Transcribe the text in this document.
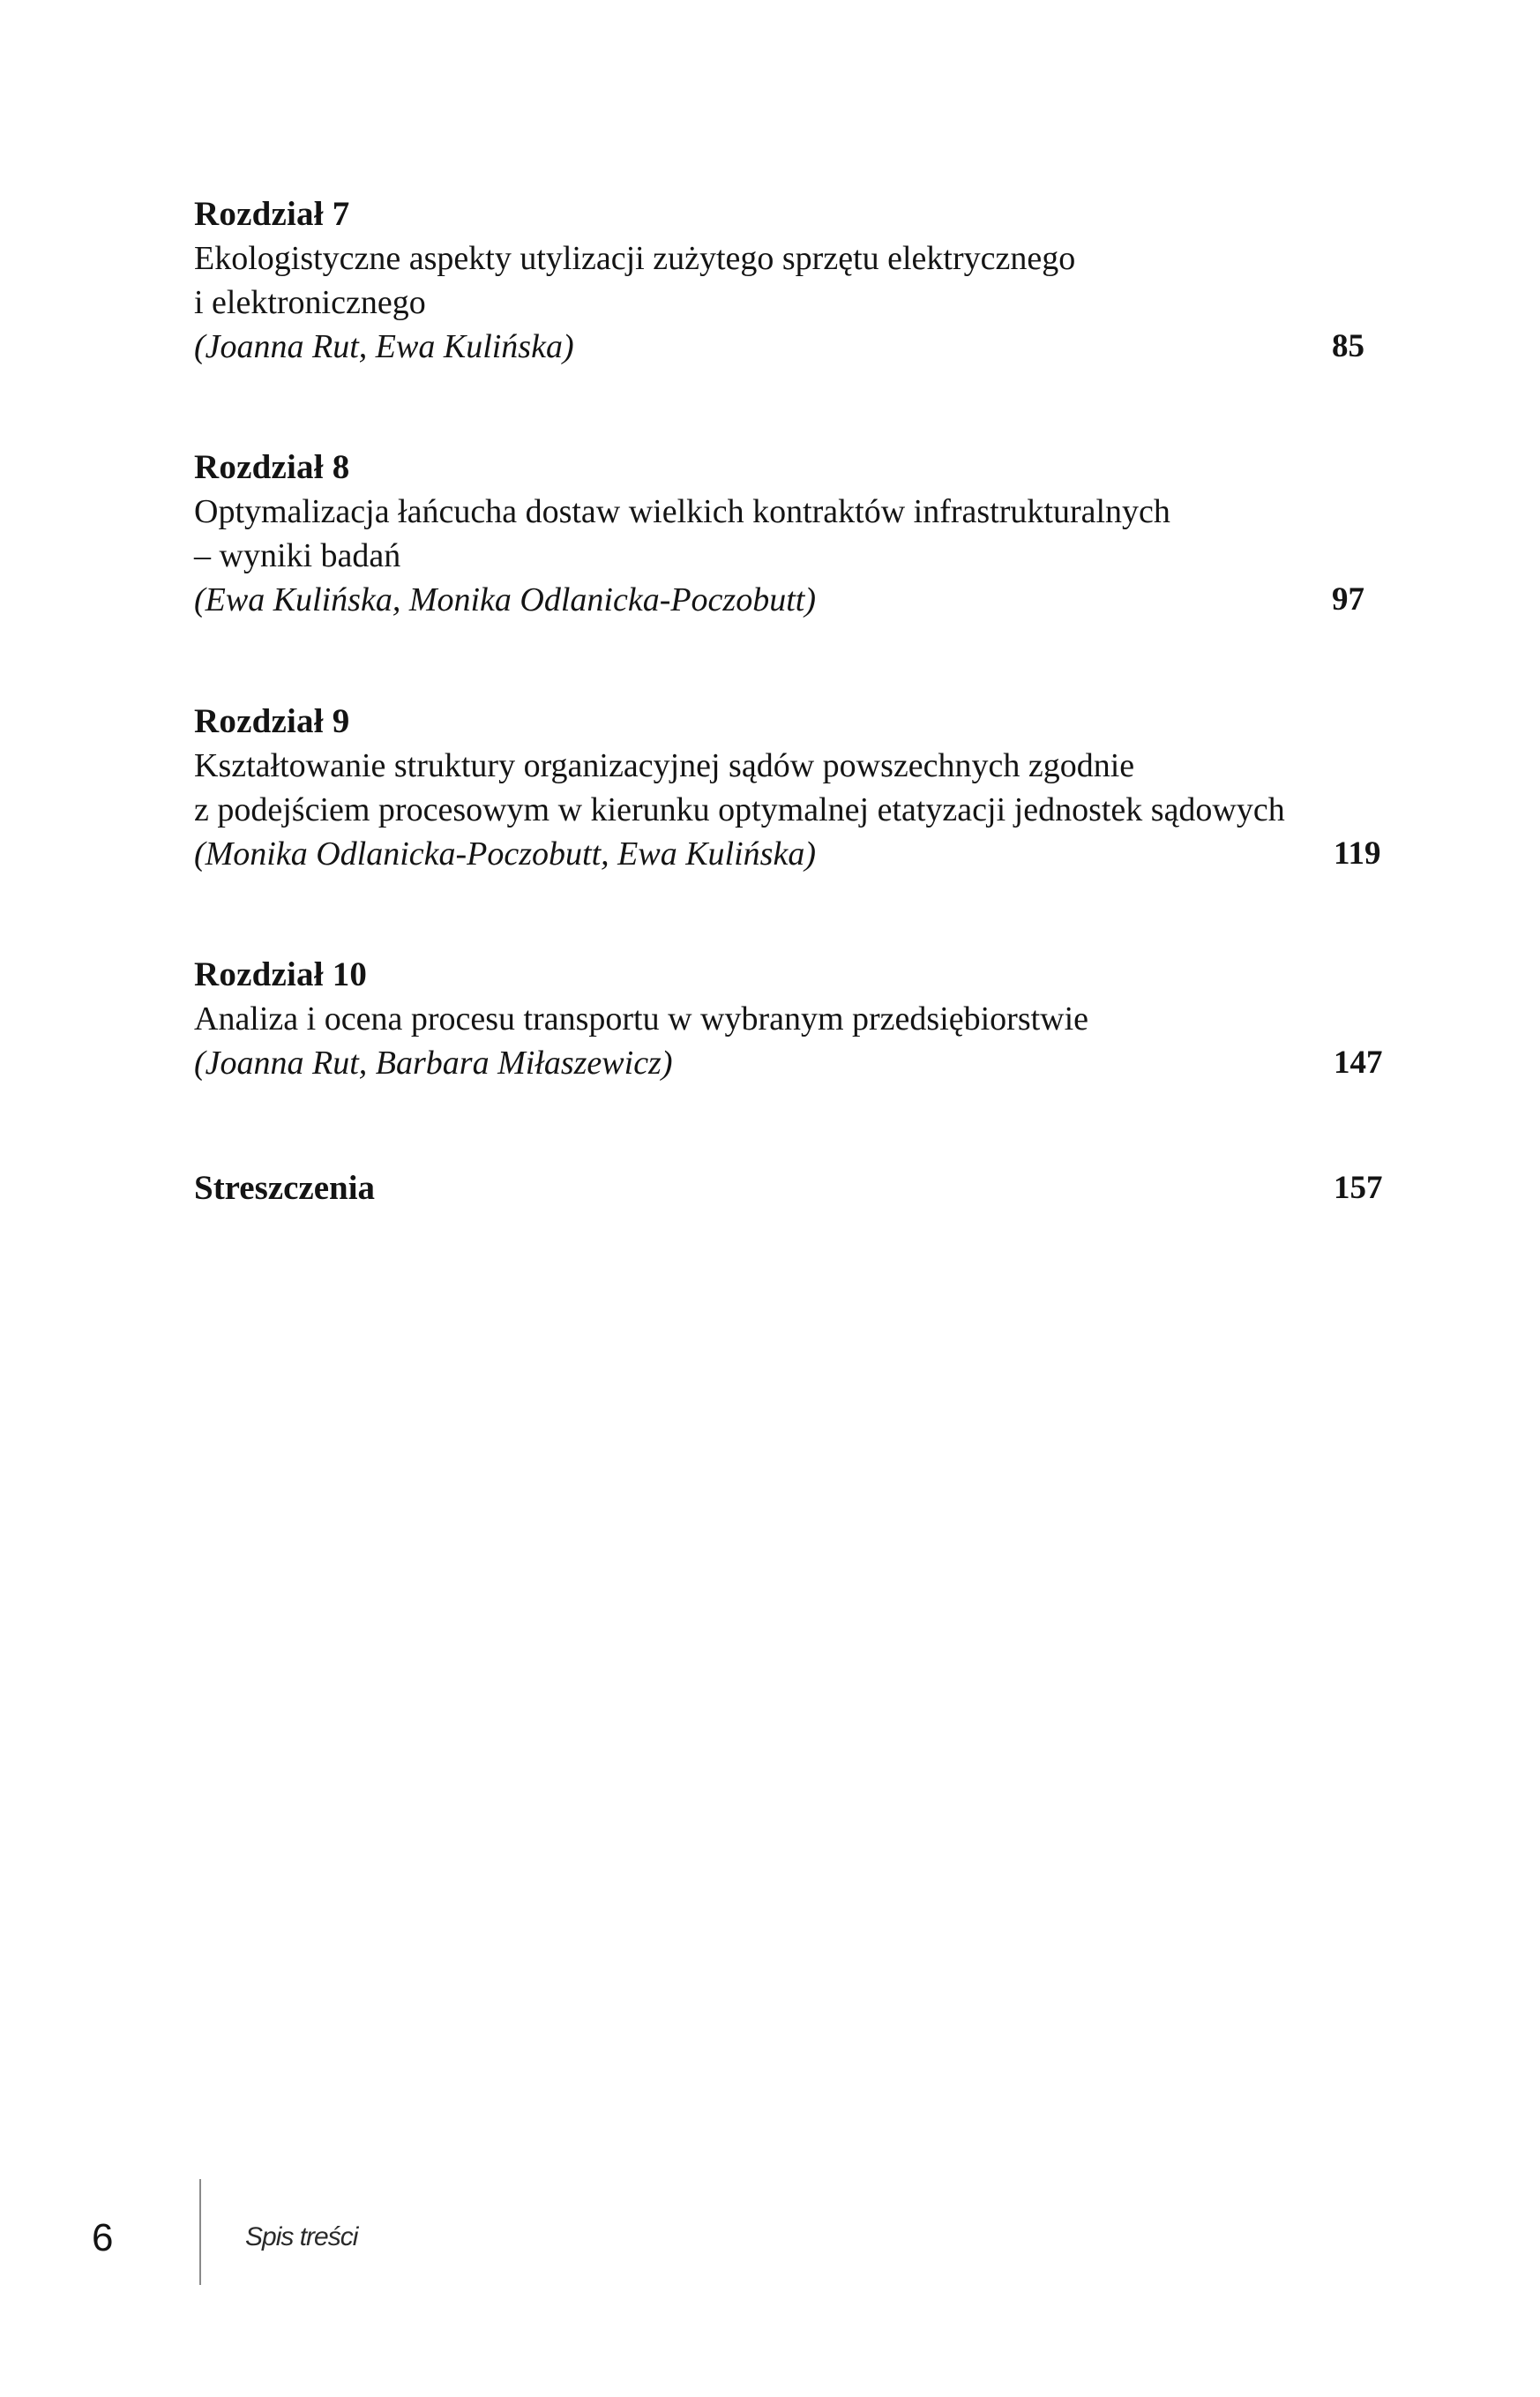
Rozdział 7
Ekologistyczne aspekty utylizacji zużytego sprzętu elektrycznego
i elektronicznego
(Joanna Rut, Ewa Kulińska)	85
Rozdział 8
Optymalizacja łańcucha dostaw wielkich kontraktów infrastrukturalnych
– wyniki badań
(Ewa Kulińska, Monika Odlanicka-Poczobutt)	97
Rozdział 9
Kształtowanie struktury organizacyjnej sądów powszechnych zgodnie
z podejściem procesowym w kierunku optymalnej etatyzacji jednostek sądowych
(Monika Odlanicka-Poczobutt, Ewa Kulińska)	119
Rozdział 10
Analiza i ocena procesu transportu w wybranym przedsiębiorstwie
(Joanna Rut, Barbara Miłaszewicz)	147
Streszczenia	157
6	Spis treści
